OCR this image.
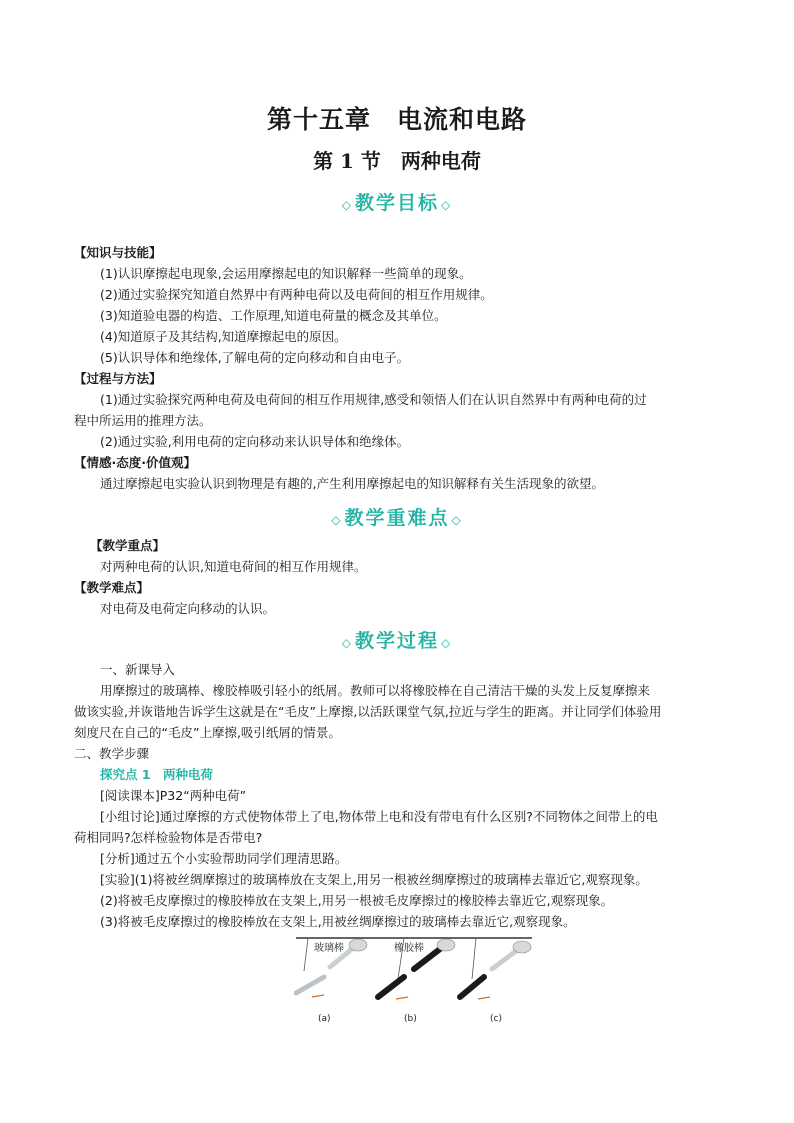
第十五章　电流和电路
第 1 节　两种电荷
◇ 教学目标 ◇
【知识与技能】
(1)认识摩擦起电现象,会运用摩擦起电的知识解释一些简单的现象。
(2)通过实验探究知道自然界中有两种电荷以及电荷间的相互作用规律。
(3)知道验电器的构造、工作原理,知道电荷量的概念及其单位。
(4)知道原子及其结构,知道摩擦起电的原因。
(5)认识导体和绝缘体,了解电荷的定向移动和自由电子。
【过程与方法】
(1)通过实验探究两种电荷及电荷间的相互作用规律,感受和领悟人们在认识自然界中有两种电荷的过
程中所运用的推理方法。
(2)通过实验,利用电荷的定向移动来认识导体和绝缘体。
【情感·态度·价值观】
通过摩擦起电实验认识到物理是有趣的,产生利用摩擦起电的知识解释有关生活现象的欲望。
◇ 教学重难点 ◇
【教学重点】
对两种电荷的认识,知道电荷间的相互作用规律。
【教学难点】
对电荷及电荷定向移动的认识。
◇ 教学过程 ◇
一、新课导入
用摩擦过的玻璃棒、橡胶棒吸引轻小的纸屑。教师可以将橡胶棒在自己清洁干燥的头发上反复摩擦来
做该实验,并诙谐地告诉学生这就是在“毛皮”上摩擦,以活跃课堂气氛,拉近与学生的距离。并让同学们体验用
刻度尺在自己的“毛皮”上摩擦,吸引纸屑的情景。
二、教学步骤
探究点 1　两种电荷
[阅读课本]P32“两种电荷”
[小组讨论]通过摩擦的方式使物体带上了电,物体带上电和没有带电有什么区别?不同物体之间带上的电
荷相同吗?怎样检验物体是否带电?
[分析]通过五个小实验帮助同学们理清思路。
[实验](1)将被丝绸摩擦过的玻璃棒放在支架上,用另一根被丝绸摩擦过的玻璃棒去靠近它,观察现象。
(2)将被毛皮摩擦过的橡胶棒放在支架上,用另一根被毛皮摩擦过的橡胶棒去靠近它,观察现象。
(3)将被毛皮摩擦过的橡胶棒放在支架上,用被丝绸摩擦过的玻璃棒去靠近它,观察现象。
玻璃棒
(a)
橡胶棒
(b)	(c)
